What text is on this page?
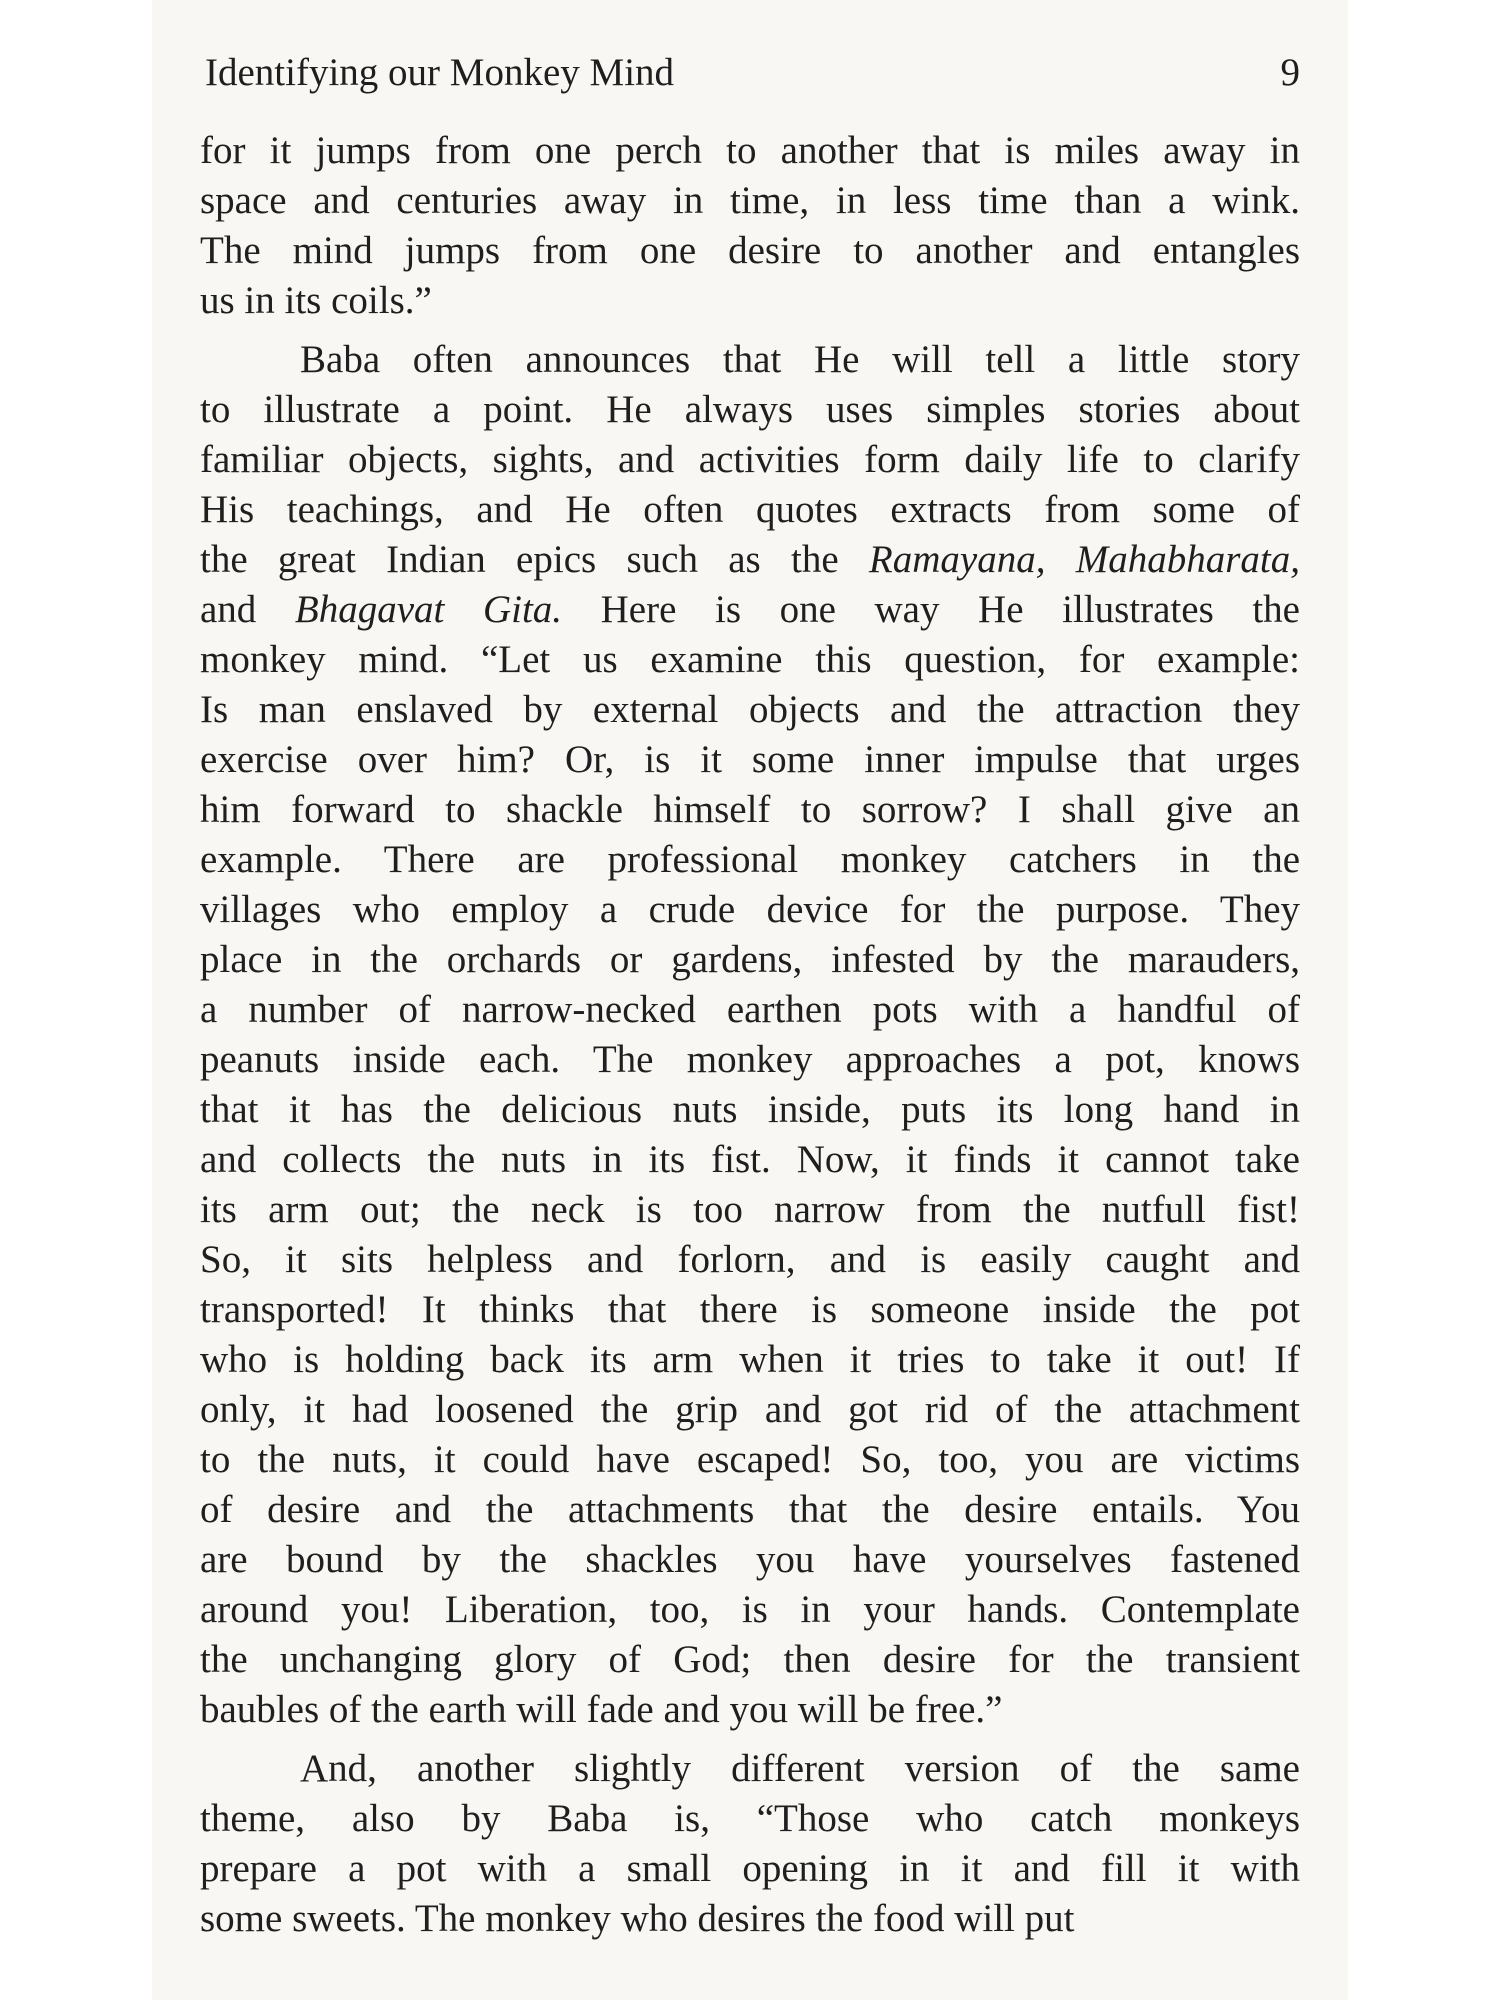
Identifying our Monkey Mind	9
for it jumps from one perch to another that is miles away in
space and centuries away in time, in less time than a wink.
The mind jumps from one desire to another and entangles
us in its coils.”
Baba often announces that He will tell a little story
to illustrate a point. He always uses simples stories about
familiar objects, sights, and activities form daily life to clarify
His teachings, and He often quotes extracts from some of
the great Indian epics such as the Ramayana, Mahabharata,
and Bhagavat Gita. Here is one way He illustrates the
monkey mind. “Let us examine this question, for example:
Is man enslaved by external objects and the attraction they
exercise over him? Or, is it some inner impulse that urges
him forward to shackle himself to sorrow? I shall give an
example. There are professional monkey catchers in the
villages who employ a crude device for the purpose. They
place in the orchards or gardens, infested by the marauders,
a number of narrow-necked earthen pots with a handful of
peanuts inside each. The monkey approaches a pot, knows
that it has the delicious nuts inside, puts its long hand in
and collects the nuts in its fist. Now, it finds it cannot take
its arm out; the neck is too narrow from the nutfull fist!
So, it sits helpless and forlorn, and is easily caught and
transported! It thinks that there is someone inside the pot
who is holding back its arm when it tries to take it out! If
only, it had loosened the grip and got rid of the attachment
to the nuts, it could have escaped! So, too, you are victims
of desire and the attachments that the desire entails. You
are bound by the shackles you have yourselves fastened
around you! Liberation, too, is in your hands. Contemplate
the unchanging glory of God; then desire for the transient
baubles of the earth will fade and you will be free.”
And, another slightly different version of the same
theme, also by Baba is, “Those who catch monkeys
prepare a pot with a small opening in it and fill it with
some sweets. The monkey who desires the food will put
